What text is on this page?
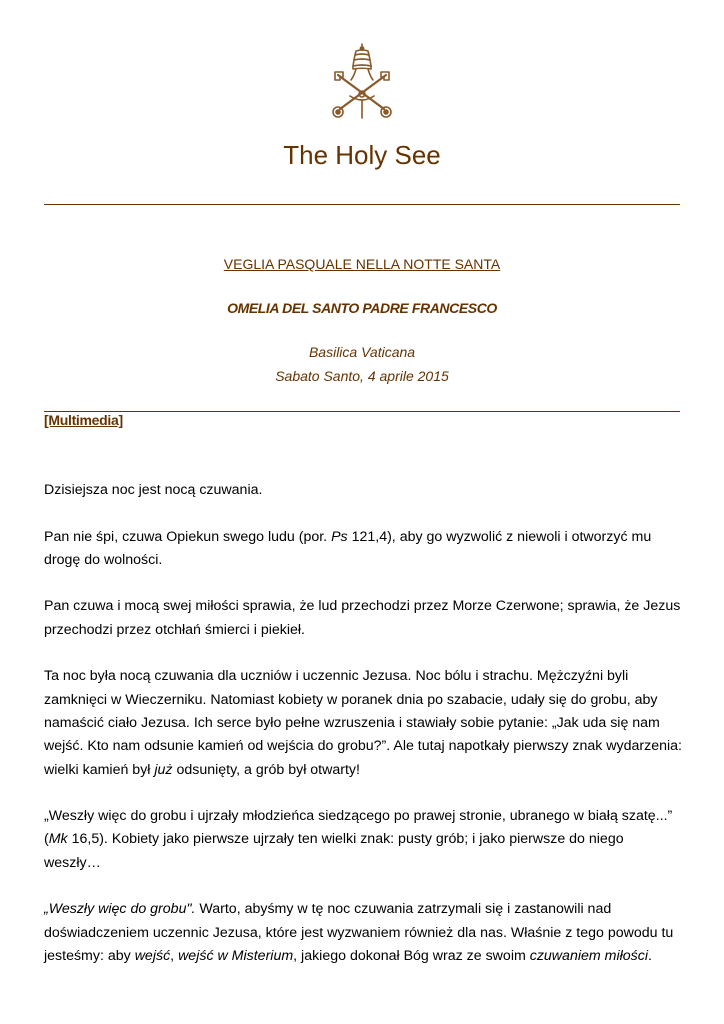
The Holy See
VEGLIA PASQUALE NELLA NOTTE SANTA
OMELIA DEL SANTO PADRE FRANCESCO
Basilica Vaticana
Sabato Santo, 4 aprile 2015
[Multimedia]

Dzisiejsza noc jest nocą czuwania.

Pan nie śpi, czuwa Opiekun swego ludu (por. Ps 121,4), aby go wyzwolić z niewoli i otworzyć mu drogę do wolności.

Pan czuwa i mocą swej miłości sprawia, że lud przechodzi przez Morze Czerwone; sprawia, że Jezus przechodzi przez otchłań śmierci i piekieł.

Ta noc była nocą czuwania dla uczniów i uczennic Jezusa. Noc bólu i strachu. Mężczyźni byli zamknięci w Wieczerniku. Natomiast kobiety w poranek dnia po szabacie, udały się do grobu, aby namaścić ciało Jezusa. Ich serce było pełne wzruszenia i stawiały sobie pytanie: „Jak uda się nam wejść. Kto nam odsunie kamień od wejścia do grobu?”. Ale tutaj napotkały pierwszy znak wydarzenia: wielki kamień był już odsunięty, a grób był otwarty!

„Weszły więc do grobu i ujrzały młodzieńca siedzącego po prawej stronie, ubranego w białą szatę...” (Mk 16,5). Kobiety jako pierwsze ujrzały ten wielki znak: pusty grób; i jako pierwsze do niego weszły…

„Weszły więc do grobu". Warto, abyśmy w tę noc czuwania zatrzymali się i zastanowili nad doświadczeniem uczennic Jezusa, które jest wyzwaniem również dla nas. Właśnie z tego powodu tu jesteśmy: aby wejść, wejść w Misterium, jakiego dokonał Bóg wraz ze swoim czuwaniem miłości.
